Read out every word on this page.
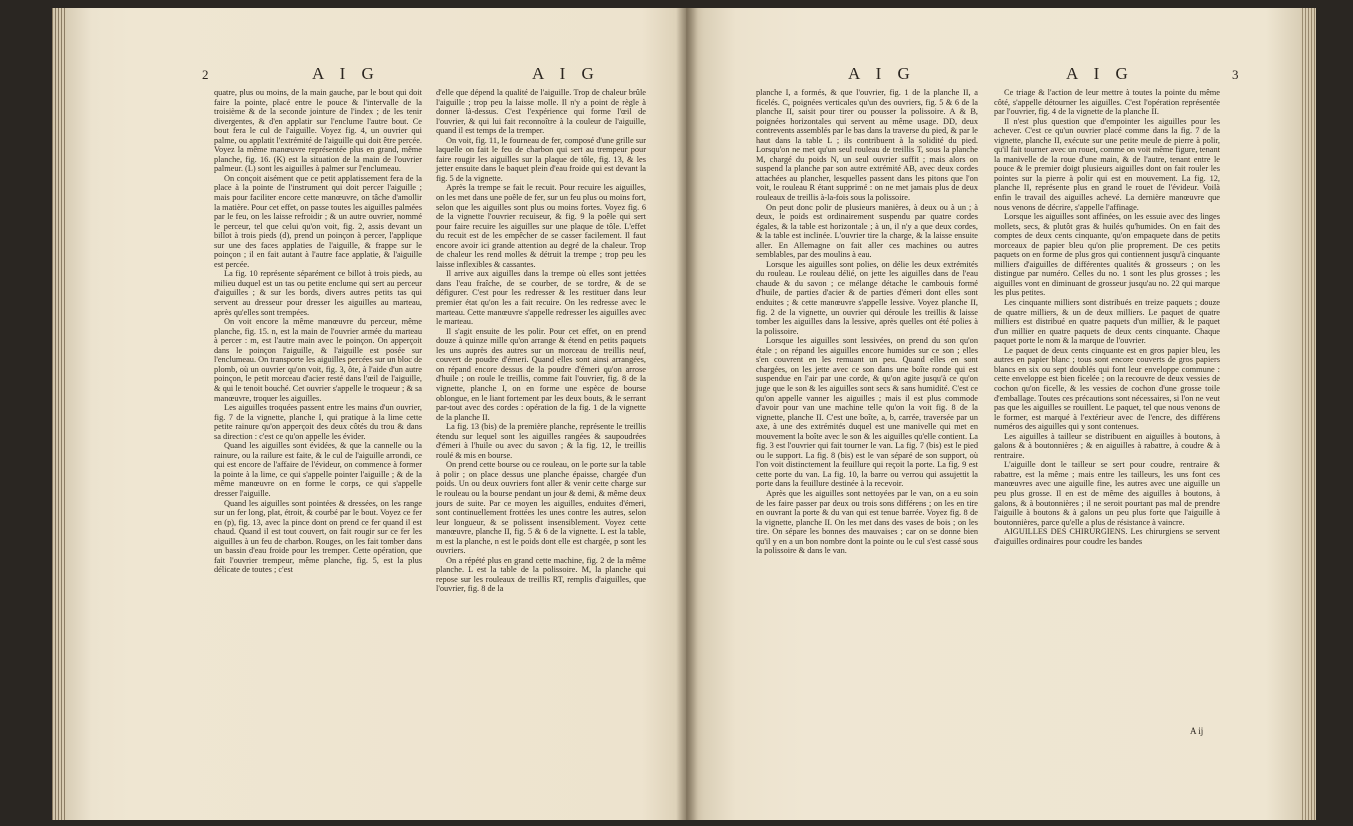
2	A I G	A I G

quatre, plus ou moins, de la main gauche, par le bout qui doit faire la pointe, placé entre le pouce & l'intervalle de la troisième & de la seconde jointure de l'index ; de les tenir divergentes, & d'en applatir sur l'enclume l'autre bout. Ce bout fera le cul de l'aiguille. Voyez fig. 4, un ouvrier qui palme, ou applatit l'extrémité de l'aiguille qui doit être percée. Voyez la même manœuvre représentée plus en grand, même planche, fig. 16. (K) est la situation de la main de l'ouvrier palmeur. (L) sont les aiguilles à palmer sur l'enclumeau.

On conçoit aisément que ce petit applatissement fera de la place à la pointe de l'instrument qui doit percer l'aiguille ; mais pour faciliter encore cette manœuvre, on tâche d'amollir la matière. Pour cet effet, on passe toutes les aiguilles palmées par le feu, on les laisse refroidir ; & un autre ouvrier, nommé le perceur, tel que celui qu'on voit, fig. 2, assis devant un billot à trois pieds (d), prend un poinçon à percer, l'applique sur une des faces applaties de l'aiguille, & frappe sur le poinçon ; il en fait autant à l'autre face applatie, & l'aiguille est percée.

La fig. 10 représente séparément ce billot à trois pieds, au milieu duquel est un tas ou petite enclume qui sert au perceur d'aiguilles ; & sur les bords, divers autres petits tas qui servent au dresseur pour dresser les aiguilles au marteau, après qu'elles sont trempées.

On voit encore la même manœuvre du perceur, même planche, fig. 15. n, est la main de l'ouvrier armée du marteau à percer : m, est l'autre main avec le poinçon. On apperçoit dans le poinçon l'aiguille, & l'aiguille est posée sur l'enclumeau. On transporte les aiguilles percées sur un bloc de plomb, où un ouvrier qu'on voit, fig. 3, ôte, à l'aide d'un autre poinçon, le petit morceau d'acier resté dans l'œil de l'aiguille, & qui le tenoit bouché. Cet ouvrier s'appelle le troqueur ; & sa manœuvre, troquer les aiguilles.

Les aiguilles troquées passent entre les mains d'un ouvrier, fig. 7 de la vignette, planche I, qui pratique à la lime cette petite rainure qu'on apperçoit des deux côtés du trou & dans sa direction : c'est ce qu'on appelle les évider.

Quand les aiguilles sont évidées, & que la cannelle ou la rainure, ou la railure est faite, & le cul de l'aiguille arrondi, ce qui est encore de l'affaire de l'évideur, on commence à former la pointe à la lime, ce qui s'appelle pointer l'aiguille ; & de la même manœuvre on en forme le corps, ce qui s'appelle dresser l'aiguille.

Quand les aiguilles sont pointées & dressées, on les range sur un fer long, plat, étroit, & courbé par le bout. Voyez ce fer en (p), fig. 13, avec la pince dont on prend ce fer quand il est chaud. Quand il est tout couvert, on fait rougir sur ce fer les aiguilles à un feu de charbon. Rouges, on les fait tomber dans un bassin d'eau froide pour les tremper. Cette opération, que fait l'ouvrier trempeur, même planche, fig. 5, est la plus délicate de toutes ; c'est

d'elle que dépend la qualité de l'aiguille. Trop de chaleur brûle l'aiguille ; trop peu la laisse molle. Il n'y a point de règle à donner là-dessus. C'est l'expérience qui forme l'œil de l'ouvrier, & qui lui fait reconnoître à la couleur de l'aiguille, quand il est temps de la tremper.

On voit, fig. 11, le fourneau de fer, composé d'une grille sur laquelle on fait le feu de charbon qui sert au trempeur pour faire rougir les aiguilles sur la plaque de tôle, fig. 13, & les jetter ensuite dans le baquet plein d'eau froide qui est devant la fig. 5 de la vignette.

Après la trempe se fait le recuit. Pour recuire les aiguilles, on les met dans une poêle de fer, sur un feu plus ou moins fort, selon que les aiguilles sont plus ou moins fortes. Voyez fig. 6 de la vignette l'ouvrier recuiseur, & fig. 9 la poêle qui sert pour faire recuire les aiguilles sur une plaque de tôle. L'effet du recuit est de les empêcher de se casser facilement. Il faut encore avoir ici grande attention au degré de la chaleur. Trop de chaleur les rend molles & détruit la trempe ; trop peu les laisse inflexibles & cassantes.

Il arrive aux aiguilles dans la trempe où elles sont jettées dans l'eau fraîche, de se courber, de se tordre, & de se défigurer. C'est pour les redresser & les restituer dans leur premier état qu'on les a fait recuire. On les redresse avec le marteau. Cette manœuvre s'appelle redresser les aiguilles avec le marteau.

Il s'agit ensuite de les polir. Pour cet effet, on en prend douze à quinze mille qu'on arrange & étend en petits paquets les uns auprès des autres sur un morceau de treillis neuf, couvert de poudre d'émeri. Quand elles sont ainsi arrangées, on répand encore dessus de la poudre d'émeri qu'on arrose d'huile ; on roule le treillis, comme fait l'ouvrier, fig. 8 de la vignette, planche I, on en forme une espèce de bourse oblongue, en le liant fortement par les deux bouts, & le serrant par-tout avec des cordes : opération de la fig. 1 de la vignette de la planche II.

La fig. 13 (bis) de la première planche, représente le treillis étendu sur lequel sont les aiguilles rangées & saupoudrées d'émeri à l'huile ou avec du savon ; & la fig. 12, le treillis roulé & mis en bourse.

On prend cette bourse ou ce rouleau, on le porte sur la table à polir ; on place dessus une planche épaisse, chargée d'un poids. Un ou deux ouvriers font aller & venir cette charge sur le rouleau ou la bourse pendant un jour & demi, & même deux jours de suite. Par ce moyen les aiguilles, enduites d'émeri, sont continuellement frottées les unes contre les autres, selon leur longueur, & se polissent insensiblement. Voyez cette manœuvre, planche II, fig. 5 & 6 de la vignette. L est la table, m est la planche, n est le poids dont elle est chargée, p sont les ouvriers.

On a répété plus en grand cette machine, fig. 2 de la même planche. L est la table de la polissoire. M, la planche qui repose sur les rouleaux de treillis RT, remplis d'aiguilles, que l'ouvrier, fig. 8 de la

A I G	A I G	3

planche I, a formés, & que l'ouvrier, fig. 1 de la planche II, a ficelés. C, poignées verticales qu'un des ouvriers, fig. 5 & 6 de la planche II, saisit pour tirer ou pousser la polissoire. A & B, poignées horizontales qui servent au même usage. DD, deux contrevents assemblés par le bas dans la traverse du pied, & par le haut dans la table L ; ils contribuent à la solidité du pied. Lorsqu'on ne met qu'un seul rouleau de treillis T, sous la planche M, chargé du poids N, un seul ouvrier suffit ; mais alors on suspend la planche par son autre extrémité AB, avec deux cordes attachées au plancher, lesquelles passent dans les pitons que l'on voit, le rouleau R étant supprimé : on ne met jamais plus de deux rouleaux de treillis à-la-fois sous la polissoire.

On peut donc polir de plusieurs manières, à deux ou à un ; à deux, le poids est ordinairement suspendu par quatre cordes égales, & la table est horizontale ; à un, il n'y a que deux cordes, & la table est inclinée. L'ouvrier tire la charge, & la laisse ensuite aller. En Allemagne on fait aller ces machines ou autres semblables, par des moulins à eau.

Lorsque les aiguilles sont polies, on délie les deux extrémités du rouleau. Le rouleau délié, on jette les aiguilles dans de l'eau chaude & du savon ; ce mélange détache le cambouis formé d'huile, de parties d'acier & de parties d'émeri dont elles sont enduites ; & cette manœuvre s'appelle lessive. Voyez planche II, fig. 2 de la vignette, un ouvrier qui déroule les treillis & laisse tomber les aiguilles dans la lessive, après quelles ont été polies à la polissoire.

Lorsque les aiguilles sont lessivées, on prend du son qu'on étale ; on répand les aiguilles encore humides sur ce son ; elles s'en couvrent en les remuant un peu. Quand elles en sont chargées, on les jette avec ce son dans une boîte ronde qui est suspendue en l'air par une corde, & qu'on agite jusqu'à ce qu'on juge que le son & les aiguilles sont secs & sans humidité. C'est ce qu'on appelle vanner les aiguilles ; mais il est plus commode d'avoir pour van une machine telle qu'on la voit fig. 8 de la vignette, planche II. C'est une boîte, a, b, carrée, traversée par un axe, à une des extrémités duquel est une manivelle qui met en mouvement la boîte avec le son & les aiguilles qu'elle contient. La fig. 3 est l'ouvrier qui fait tourner le van. La fig. 7 (bis) est le pied ou le support. La fig. 8 (bis) est le van séparé de son support, où l'on voit distinctement la feuillure qui reçoit la porte. La fig. 9 est cette porte du van. La fig. 10, la barre ou verrou qui assujettit la porte dans la feuillure destinée à la recevoir.

Après que les aiguilles sont nettoyées par le van, on a eu soin de les faire passer par deux ou trois sons différens ; on les en tire en ouvrant la porte & du van qui est tenue barrée. Voyez fig. 8 de la vignette, planche II. On les met dans des vases de bois ; on les tire. On sépare les bonnes des mauvaises ; car on se donne bien qu'il y en a un bon nombre dont la pointe ou le cul s'est cassé sous la polissoire & dans le van.

Ce triage & l'action de leur mettre à toutes la pointe du même côté, s'appelle détourner les aiguilles. C'est l'opération représentée par l'ouvrier, fig. 4 de la vignette de la planche II.

Il n'est plus question que d'empointer les aiguilles pour les achever. C'est ce qu'un ouvrier placé comme dans la fig. 7 de la vignette, planche II, exécute sur une petite meule de pierre à polir, qu'il fait tourner avec un rouet, comme on voit même figure, tenant la manivelle de la roue d'une main, & de l'autre, tenant entre le pouce & le premier doigt plusieurs aiguilles dont on fait rouler les pointes sur la pierre à polir qui est en mouvement. La fig. 12, planche II, représente plus en grand le rouet de l'évideur. Voilà enfin le travail des aiguilles achevé. La dernière manœuvre que nous venons de décrire, s'appelle l'affinage.

Lorsque les aiguilles sont affinées, on les essuie avec des linges mollets, secs, & plutôt gras & huilés qu'humides. On en fait des comptes de deux cents cinquante, qu'on empaquete dans de petits morceaux de papier bleu qu'on plie proprement. De ces petits paquets on en forme de plus gros qui contiennent jusqu'à cinquante milliers d'aiguilles de différentes qualités & grosseurs ; on les distingue par numéro. Celles du no. 1 sont les plus grosses ; les aiguilles vont en diminuant de grosseur jusqu'au no. 22 qui marque les plus petites.

Les cinquante milliers sont distribués en treize paquets ; douze de quatre milliers, & un de deux milliers. Le paquet de quatre milliers est distribué en quatre paquets d'un millier, & le paquet d'un millier en quatre paquets de deux cents cinquante. Chaque paquet porte le nom & la marque de l'ouvrier.

Le paquet de deux cents cinquante est en gros papier bleu, les autres en papier blanc ; tous sont encore couverts de gros papiers blancs en six ou sept doublés qui font leur enveloppe commune : cette enveloppe est bien ficelée ; on la recouvre de deux vessies de cochon qu'on ficelle, & les vessies de cochon d'une grosse toile d'emballage. Toutes ces précautions sont nécessaires, si l'on ne veut pas que les aiguilles se rouillent. Le paquet, tel que nous venons de le former, est marqué à l'extérieur avec de l'encre, des différens numéros des aiguilles qui y sont contenues.

Les aiguilles à tailleur se distribuent en aiguilles à boutons, à galons & à boutonnières ; & en aiguilles à rabattre, à coudre & à rentraire.

L'aiguille dont le tailleur se sert pour coudre, rentraire & rabattre, est la même ; mais entre les tailleurs, les uns font ces manœuvres avec une aiguille fine, les autres avec une aiguille un peu plus grosse. Il en est de même des aiguilles à boutons, à galons, & à boutonnières ; il ne seroit pourtant pas mal de prendre l'aiguille à boutons & à galons un peu plus forte que l'aiguille à boutonnières, parce qu'elle a plus de résistance à vaincre.

AIGUILLES DES CHIRURGIENS. Les chirurgiens se servent d'aiguilles ordinaires pour coudre les bandes

A ij
